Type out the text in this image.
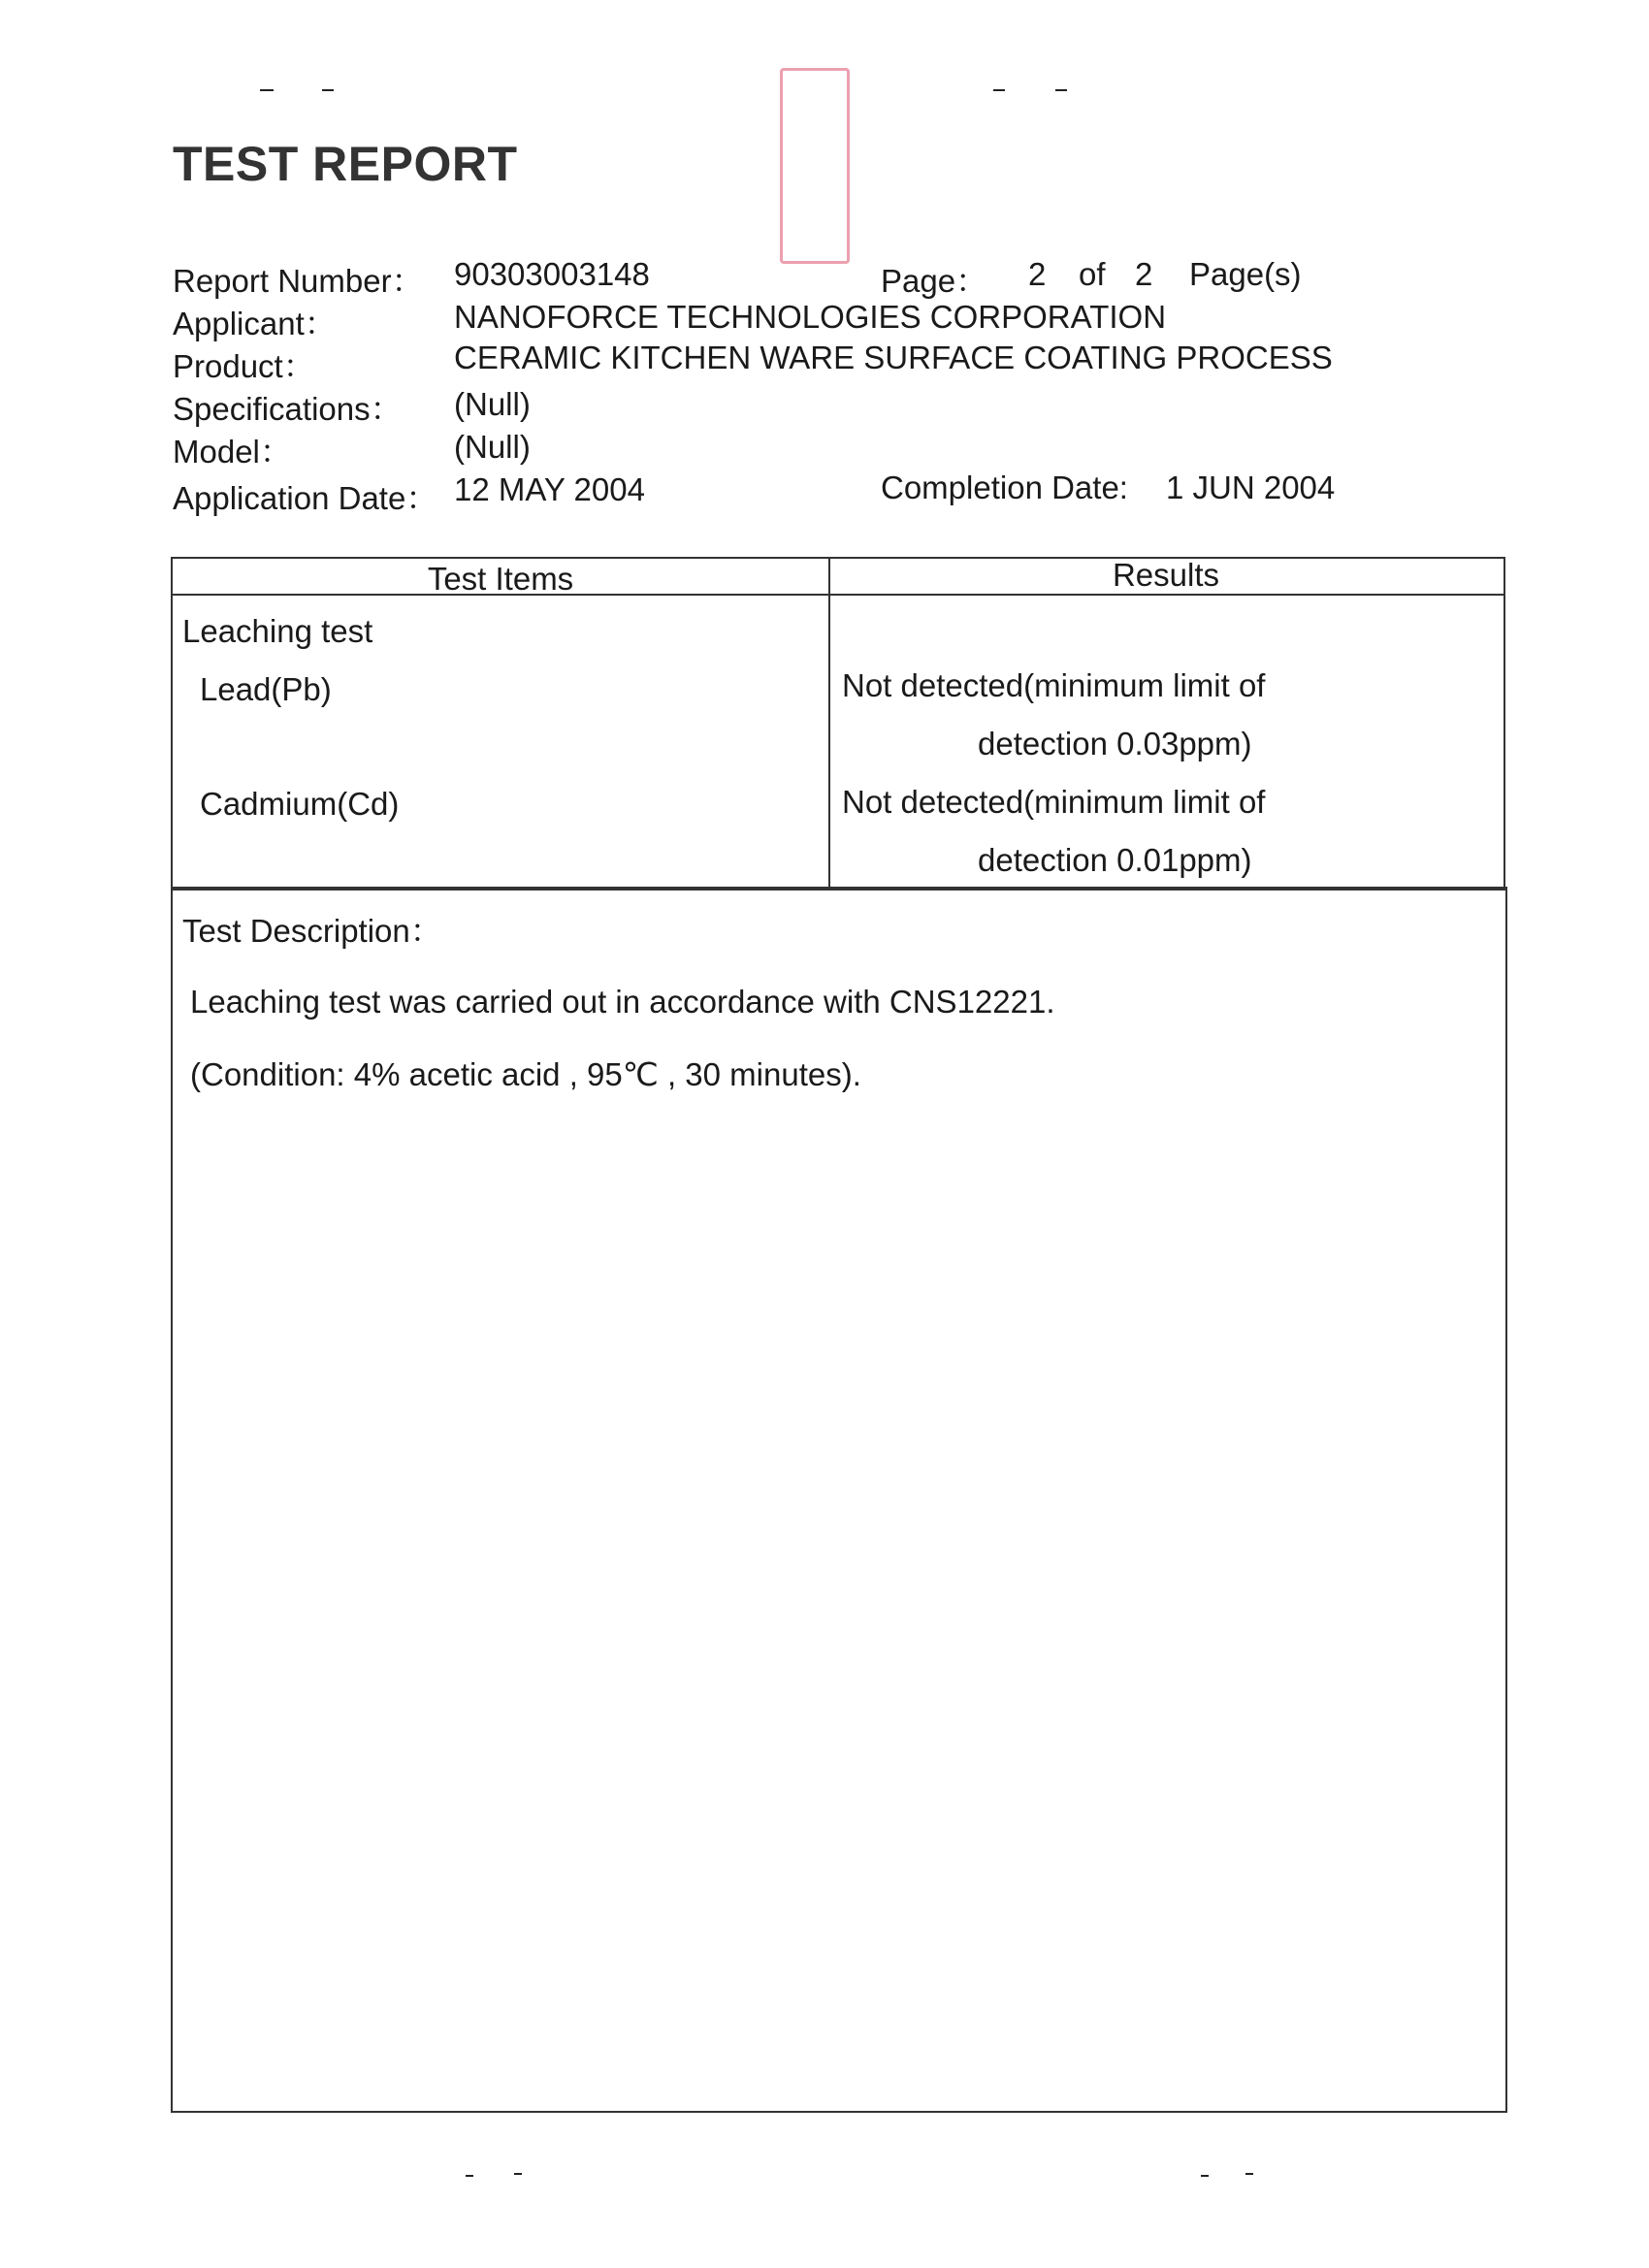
TEST REPORT
Report Number： 90303003148	Page： 2 of 2 Page(s)
Applicant：	NANOFORCE TECHNOLOGIES CORPORATION
Product：	CERAMIC KITCHEN WARE SURFACE COATING PROCESS
Specifications： (Null)
Model：	(Null)
Application Date： 12 MAY 2004	Completion Date: 1 JUN 2004
Test Items	Results
Leaching test
Lead(Pb)	Not detected(minimum limit of
detection 0.03ppm)
Cadmium(Cd)	Not detected(minimum limit of
detection 0.01ppm)
Test Description：
Leaching test was carried out in accordance with CNS12221.
(Condition: 4% acetic acid , 95℃ , 30 minutes).
